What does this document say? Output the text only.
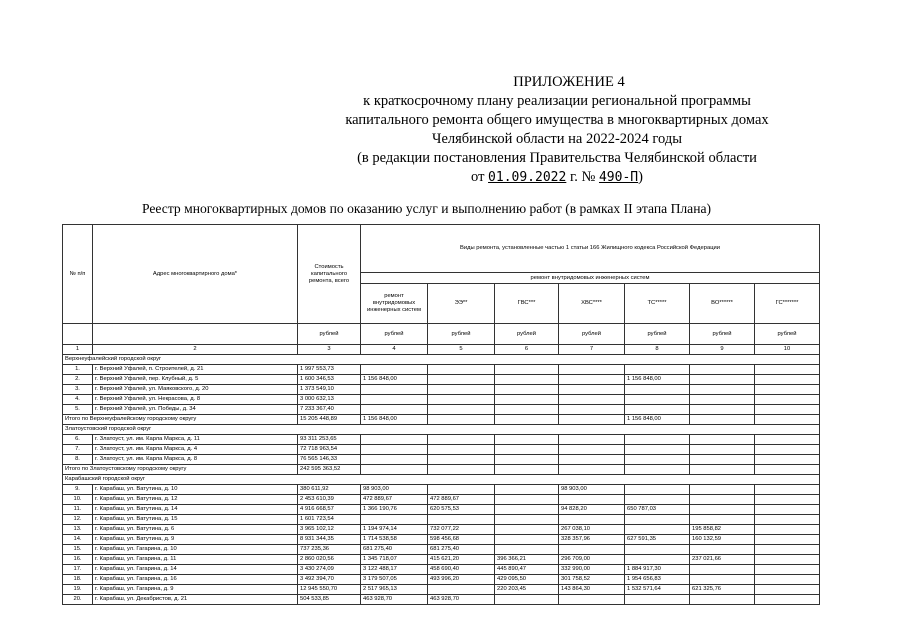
ПРИЛОЖЕНИЕ 4
к краткосрочному плану реализации региональной программы
капитального ремонта общего имущества в многоквартирных домах
Челябинской области на 2022-2024 годы
(в редакции постановления Правительства Челябинской области
от 01.09.2022 г. № 490-П)
Реестр многоквартирных домов по оказанию услуг и выполнению работ (в рамках II этапа Плана)
№ п/п	Адрес многоквартирного дома*	Стоимость капитального ремонта, всего	Виды ремонта, установленные частью 1 статьи 166 Жилищного кодекса Российской Федерации						
			ремонт внутридомовых инженерных систем						
			ремонт внутридомовых инженерных систем	ЭЭ**	ГВС***	ХВС****	ТС*****	ВО******	ГС*******
		рублей	рублей	рублей	рублей	рублей	рублей	рублей	рублей
1	2	3	4	5	6	7	8	9	10
Верхнеуфалейский городской округ									
1.	г. Верхний Уфалей, п. Строителей, д. 21	1 997 553,73							
2.	г. Верхний Уфалей, пер. Клубный, д. 5	1 600 346,53	1 156 848,00				1 156 848,00		
3.	г. Верхний Уфалей, ул. Маяковского, д. 20	1 373 549,10							
4.	г. Верхний Уфалей, ул. Некрасова, д. 8	3 000 632,13							
5.	г. Верхний Уфалей, ул. Победы, д. 34	7 233 367,40							
Итого по Верхнеуфалейскому городскому округу		15 205 448,89	1 156 848,00				1 156 848,00		
Златоустовский городской округ									
6.	г. Златоуст, ул. им. Карла Маркса, д. 11	93 311 253,65							
7.	г. Златоуст, ул. им. Карла Маркса, д. 4	72 718 963,54							
8.	г. Златоуст, ул. им. Карла Маркса, д. 8	76 565 146,33							
Итого по Златоустовскому городскому округу		242 595 363,52							
Карабашский городской округ									
9.	г. Карабаш, ул. Ватутина, д. 10	380 611,92	98 903,00			98 903,00			
10.	г. Карабаш, ул. Ватутина, д. 12	2 453 610,39	472 889,67	472 889,67					
11.	г. Карабаш, ул. Ватутина, д. 14	4 916 668,57	1 366 190,76	620 575,53		94 828,20	650 787,03		
12.	г. Карабаш, ул. Ватутина, д. 15	1 601 723,54							
13.	г. Карабаш, ул. Ватутина, д. 6	3 965 102,12	1 194 974,14	732 077,22		267 038,10		195 858,82	
14.	г. Карабаш, ул. Ватутина, д. 9	8 931 344,35	1 714 538,58	598 456,68		328 357,96	627 591,35	160 132,59	
15.	г. Карабаш, ул. Гагарина, д. 10	737 235,36	681 275,40	681 275,40					
16.	г. Карабаш, ул. Гагарина, д. 11	2 860 020,56	1 345 718,07	415 621,20	396 366,21	296 709,00		237 021,66	
17.	г. Карабаш, ул. Гагарина, д. 14	3 430 274,09	3 122 488,17	458 690,40	445 890,47	332 990,00	1 884 917,30		
18.	г. Карабаш, ул. Гагарина, д. 16	3 492 394,70	3 179 507,05	493 996,20	429 095,50	301 758,52	1 954 656,83		
19.	г. Карабаш, ул. Гагарина, д. 9	12 945 550,70	2 517 965,13		220 203,45	143 864,30	1 532 571,64	621 325,76	
20.	г. Карабаш, ул. Декабристов, д. 21	504 533,85	463 928,70	463 928,70					
